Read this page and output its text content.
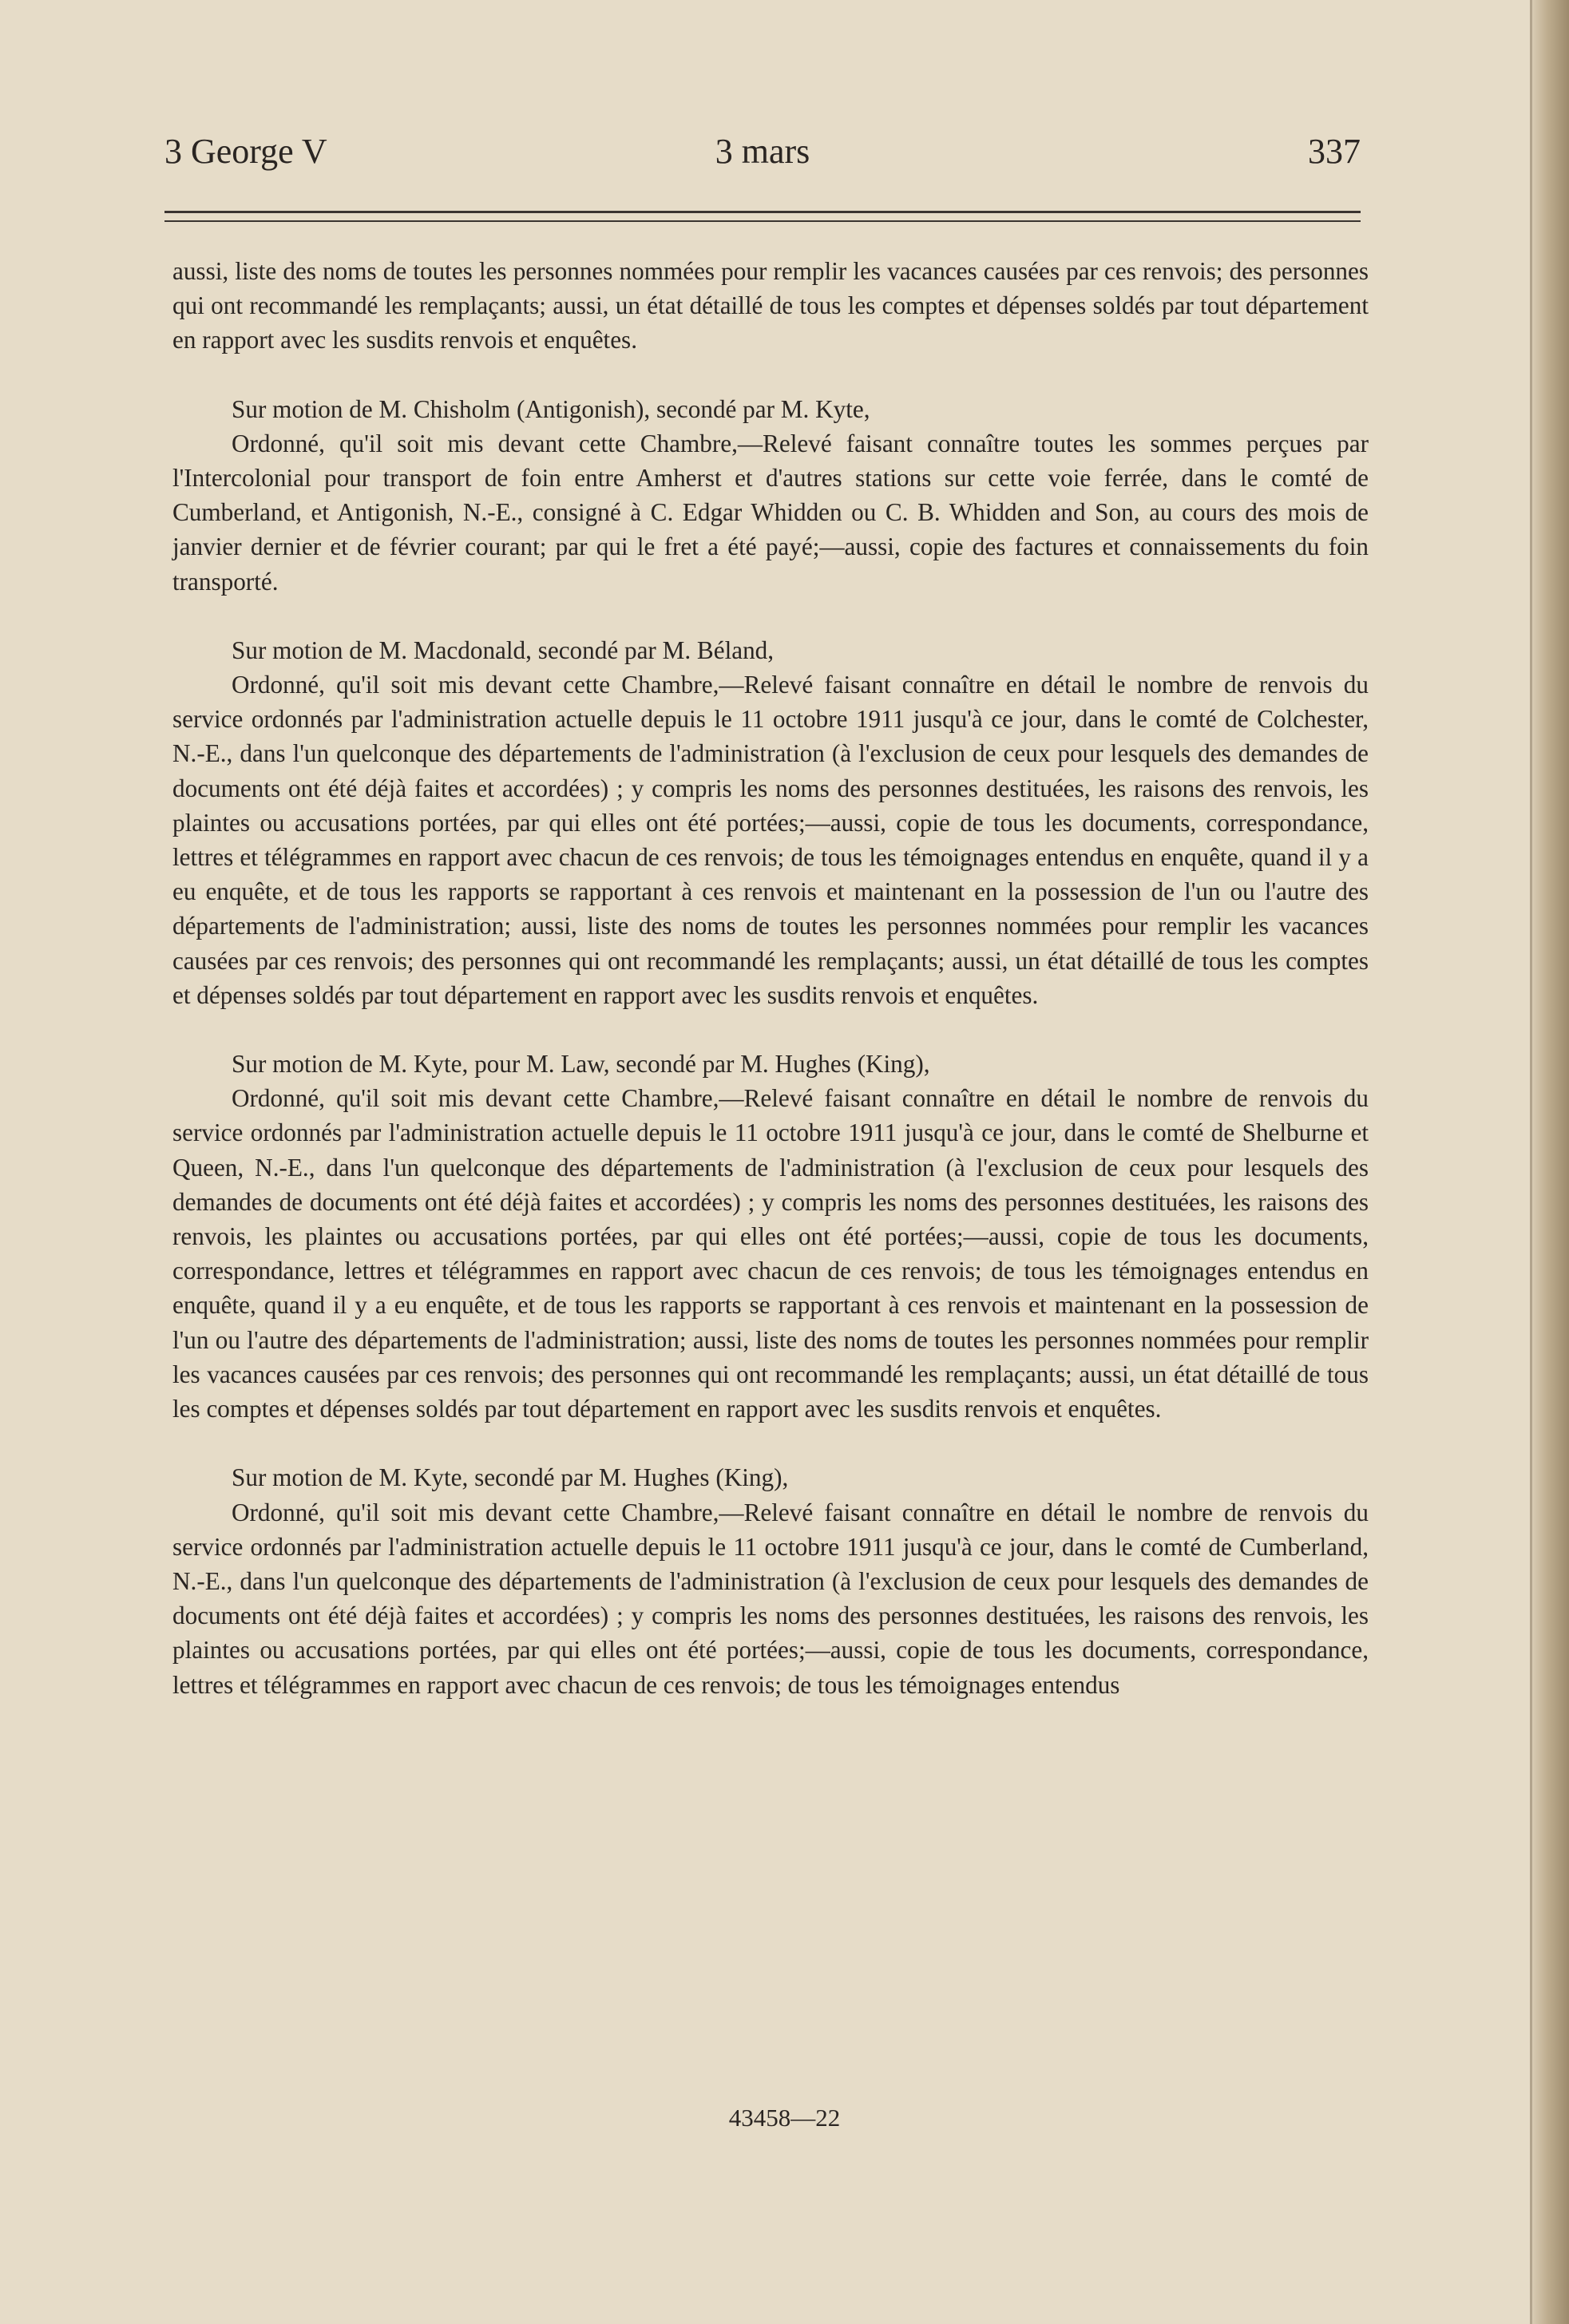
3 George V	3 mars	337

aussi, liste des noms de toutes les personnes nommées pour remplir les vacances causées par ces renvois; des personnes qui ont recommandé les remplaçants; aussi, un état détaillé de tous les comptes et dépenses soldés par tout département en rapport avec les susdits renvois et enquêtes.

Sur motion de M. Chisholm (Antigonish), secondé par M. Kyte,

Ordonné, qu'il soit mis devant cette Chambre,—Relevé faisant connaître toutes les sommes perçues par l'Intercolonial pour transport de foin entre Amherst et d'autres stations sur cette voie ferrée, dans le comté de Cumberland, et Antigonish, N.-E., consigné à C. Edgar Whidden ou C. B. Whidden and Son, au cours des mois de janvier dernier et de février courant; par qui le fret a été payé;—aussi, copie des factures et connaissements du foin transporté.

Sur motion de M. Macdonald, secondé par M. Béland,

Ordonné, qu'il soit mis devant cette Chambre,—Relevé faisant connaître en détail le nombre de renvois du service ordonnés par l'administration actuelle depuis le 11 octobre 1911 jusqu'à ce jour, dans le comté de Colchester, N.-E., dans l'un quelconque des départements de l'administration (à l'exclusion de ceux pour lesquels des demandes de documents ont été déjà faites et accordées) ; y compris les noms des personnes destituées, les raisons des renvois, les plaintes ou accusations portées, par qui elles ont été portées;—aussi, copie de tous les documents, correspondance, lettres et télégrammes en rapport avec chacun de ces renvois; de tous les témoignages entendus en enquête, quand il y a eu enquête, et de tous les rapports se rapportant à ces renvois et maintenant en la possession de l'un ou l'autre des départements de l'administration; aussi, liste des noms de toutes les personnes nommées pour remplir les vacances causées par ces renvois; des personnes qui ont recommandé les remplaçants; aussi, un état détaillé de tous les comptes et dépenses soldés par tout département en rapport avec les susdits renvois et enquêtes.

Sur motion de M. Kyte, pour M. Law, secondé par M. Hughes (King),

Ordonné, qu'il soit mis devant cette Chambre,—Relevé faisant connaître en détail le nombre de renvois du service ordonnés par l'administration actuelle depuis le 11 octobre 1911 jusqu'à ce jour, dans le comté de Shelburne et Queen, N.-E., dans l'un quelconque des départements de l'administration (à l'exclusion de ceux pour lesquels des demandes de documents ont été déjà faites et accordées) ; y compris les noms des personnes destituées, les raisons des renvois, les plaintes ou accusations portées, par qui elles ont été portées;—aussi, copie de tous les documents, correspondance, lettres et télégrammes en rapport avec chacun de ces renvois; de tous les témoignages entendus en enquête, quand il y a eu enquête, et de tous les rapports se rapportant à ces renvois et maintenant en la possession de l'un ou l'autre des départements de l'administration; aussi, liste des noms de toutes les personnes nommées pour remplir les vacances causées par ces renvois; des personnes qui ont recommandé les remplaçants; aussi, un état détaillé de tous les comptes et dépenses soldés par tout département en rapport avec les susdits renvois et enquêtes.

Sur motion de M. Kyte, secondé par M. Hughes (King),

Ordonné, qu'il soit mis devant cette Chambre,—Relevé faisant connaître en détail le nombre de renvois du service ordonnés par l'administration actuelle depuis le 11 octobre 1911 jusqu'à ce jour, dans le comté de Cumberland, N.-E., dans l'un quelconque des départements de l'administration (à l'exclusion de ceux pour lesquels des demandes de documents ont été déjà faites et accordées) ; y compris les noms des personnes destituées, les raisons des renvois, les plaintes ou accusations portées, par qui elles ont été portées;—aussi, copie de tous les documents, correspondance, lettres et télégrammes en rapport avec chacun de ces renvois; de tous les témoignages entendus

43458—22
